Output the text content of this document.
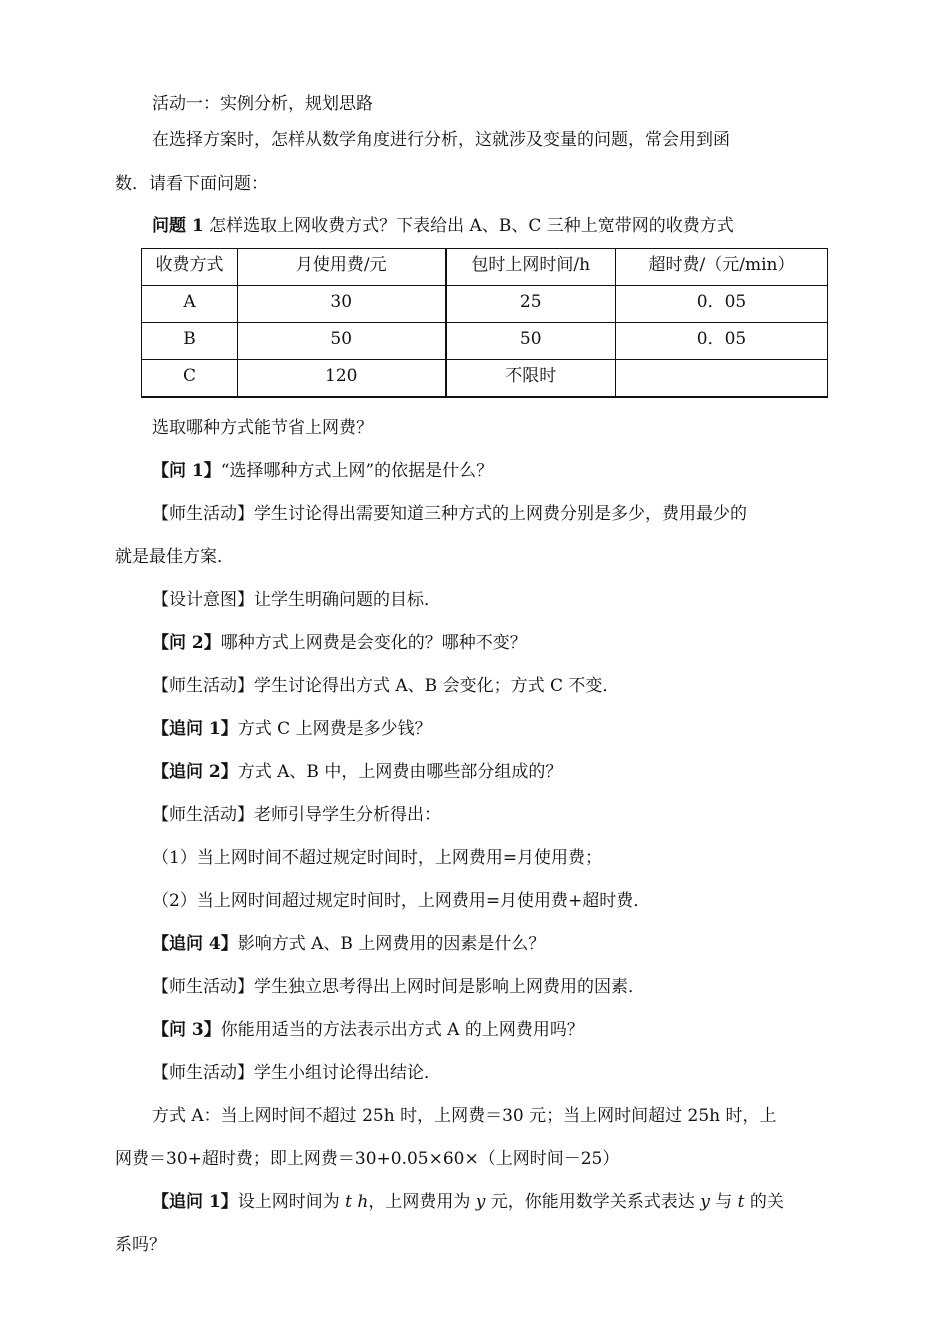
活动一：实例分析，规划思路
在选择方案时，怎样从数学角度进行分析，这就涉及变量的问题，常会用到函
数．请看下面问题：
问题 1 怎样选取上网收费方式？下表给出 A、B、C 三种上宽带网的收费方式
收费方式	月使用费/元	包时上网时间/h	超时费/（元/min）
A	30	25	0．05
B	50	50	0．05
C	120	不限时	
选取哪种方式能节省上网费？
【问 1】“选择哪种方式上网”的依据是什么？
【师生活动】学生讨论得出需要知道三种方式的上网费分别是多少，费用最少的
就是最佳方案．
【设计意图】让学生明确问题的目标．
【问 2】哪种方式上网费是会变化的？哪种不变？
【师生活动】学生讨论得出方式 A、B 会变化；方式 C 不变．
【追问 1】方式 C 上网费是多少钱？
【追问 2】方式 A、B 中，上网费由哪些部分组成的？
【师生活动】老师引导学生分析得出：
（1）当上网时间不超过规定时间时，上网费用=月使用费；
（2）当上网时间超过规定时间时，上网费用=月使用费+超时费．
【追问 4】影响方式 A、B 上网费用的因素是什么？
【师生活动】学生独立思考得出上网时间是影响上网费用的因素．
【问 3】你能用适当的方法表示出方式 A 的上网费用吗？
【师生活动】学生小组讨论得出结论．
方式 A：当上网时间不超过 25h 时，上网费＝30 元；当上网时间超过 25h 时，上
网费＝30+超时费；即上网费＝30+0.05×60×（上网时间－25）
【追问 1】设上网时间为 t h，上网费用为 y 元，你能用数学关系式表达 y 与 t 的关
系吗？
